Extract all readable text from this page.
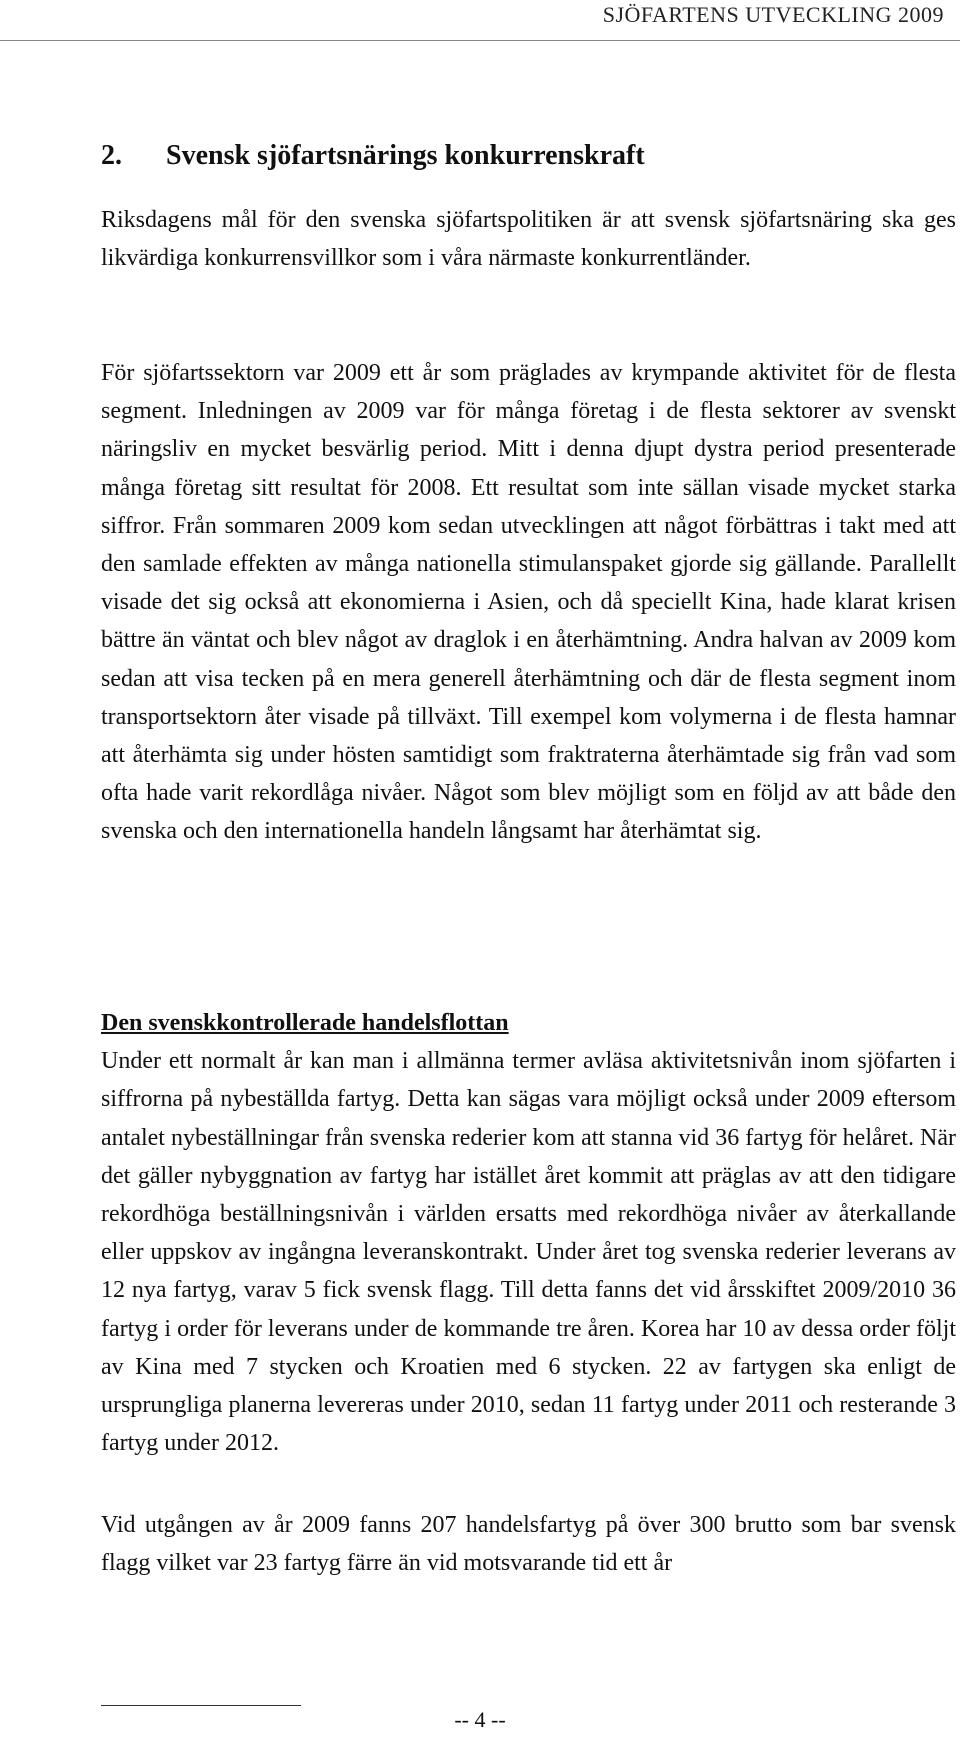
SJÖFARTENS UTVECKLING 2009
2. Svensk sjöfartsnärings konkurrenskraft

Riksdagens mål för den svenska sjöfartspolitiken är att svensk sjöfartsnäring ska ges likvärdiga konkurrensvillkor som i våra närmaste konkurrentländer.

För sjöfartssektorn var 2009 ett år som präglades av krympande aktivitet för de flesta segment. Inledningen av 2009 var för många företag i de flesta sektorer av svenskt näringsliv en mycket besvärlig period. Mitt i denna djupt dystra period presenterade många företag sitt resultat för 2008. Ett resultat som inte sällan visade mycket starka siffror. Från sommaren 2009 kom sedan utvecklingen att något förbättras i takt med att den samlade effekten av många nationella stimulanspaket gjorde sig gällande. Parallellt visade det sig också att ekonomierna i Asien, och då speciellt Kina, hade klarat krisen bättre än väntat och blev något av draglok i en återhämtning. Andra halvan av 2009 kom sedan att visa tecken på en mera generell återhämtning och där de flesta segment inom transportsektorn åter visade på tillväxt. Till exempel kom volymerna i de flesta hamnar att återhämta sig under hösten samtidigt som fraktraterna återhämtade sig från vad som ofta hade varit rekordlåga nivåer. Något som blev möjligt som en följd av att både den svenska och den internationella handeln långsamt har återhämtat sig.

Den svenskkontrollerade handelsflottan
Under ett normalt år kan man i allmänna termer avläsa aktivitetsnivån inom sjöfarten i siffrorna på nybeställda fartyg. Detta kan sägas vara möjligt också under 2009 eftersom antalet nybeställningar från svenska rederier kom att stanna vid 36 fartyg för helåret. När det gäller nybyggnation av fartyg har istället året kommit att präglas av att den tidigare rekordhöga beställningsnivån i världen ersatts med rekordhöga nivåer av återkallande eller uppskov av ingångna leveranskontrakt. Under året tog svenska rederier leverans av 12 nya fartyg, varav 5 fick svensk flagg. Till detta fanns det vid årsskiftet 2009/2010 36 fartyg i order för leverans under de kommande tre åren. Korea har 10 av dessa order följt av Kina med 7 stycken och Kroatien med 6 stycken. 22 av fartygen ska enligt de ursprungliga planerna levereras under 2010, sedan 11 fartyg under 2011 och resterande 3 fartyg under 2012.

Vid utgången av år 2009 fanns 207 handelsfartyg på över 300 brutto som bar svensk flagg vilket var 23 fartyg färre än vid motsvarande tid ett år

-- 4 --
